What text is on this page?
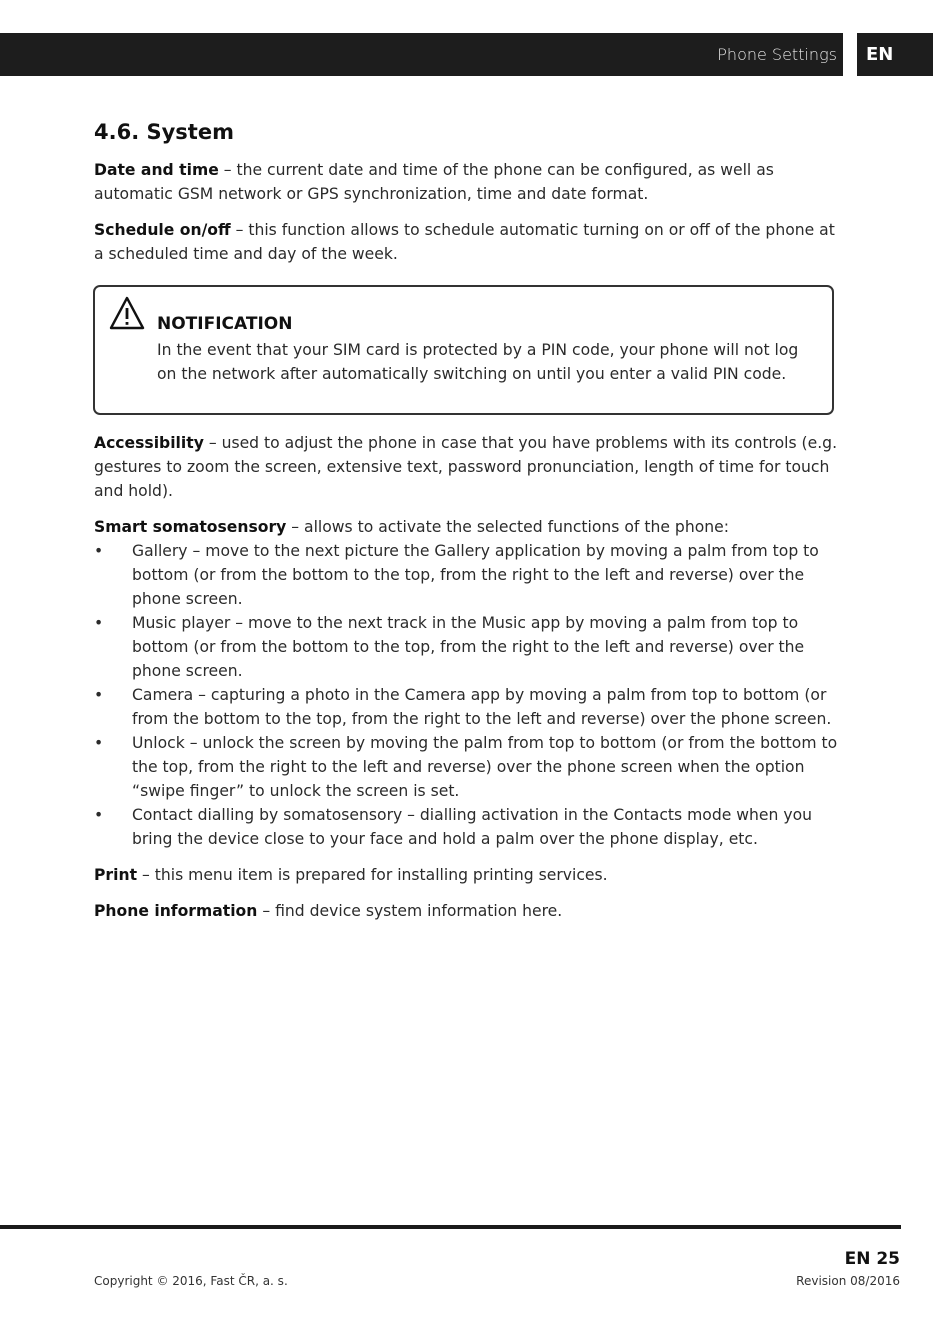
Phone Settings EN
4.6. System

Date and time – the current date and time of the phone can be configured, as well as automatic GSM network or GPS synchronization, time and date format.

Schedule on/off – this function allows to schedule automatic turning on or off of the phone at a scheduled time and day of the week.

NOTIFICATION
In the event that your SIM card is protected by a PIN code, your phone will not log on the network after automatically switching on until you enter a valid PIN code.

Accessibility – used to adjust the phone in case that you have problems with its controls (e.g. gestures to zoom the screen, extensive text, password pronunciation, length of time for touch and hold).

Smart somatosensory – allows to activate the selected functions of the phone:

• Gallery – move to the next picture the Gallery application by moving a palm from top to bottom (or from the bottom to the top, from the right to the left and reverse) over the phone screen.
• Music player – move to the next track in the Music app by moving a palm from top to bottom (or from the bottom to the top, from the right to the left and reverse) over the phone screen.
• Camera – capturing a photo in the Camera app by moving a palm from top to bottom (or from the bottom to the top, from the right to the left and reverse) over the phone screen.
• Unlock – unlock the screen by moving the palm from top to bottom (or from the bottom to the top, from the right to the left and reverse) over the phone screen when the option “swipe finger” to unlock the screen is set.
• Contact dialling by somatosensory – dialling activation in the Contacts mode when you bring the device close to your face and hold a palm over the phone display, etc.

Print – this menu item is prepared for installing printing services.

Phone information – find device system information here.

EN 25
Copyright © 2016, Fast ČR, a. s.	Revision 08/2016
